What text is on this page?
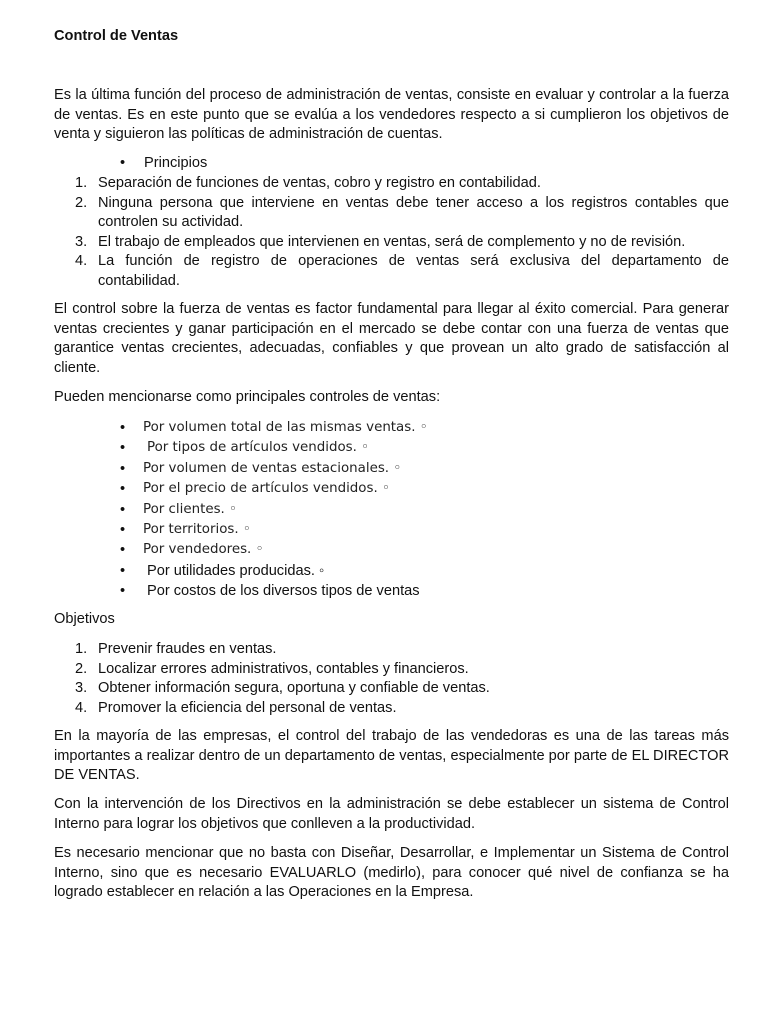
Control de Ventas

Es la última función del proceso de administración de ventas, consiste en evaluar y controlar a la fuerza de ventas. Es en este punto que se evalúa a los vendedores respecto a si cumplieron los objetivos de venta y siguieron las políticas de administración de cuentas.

• Principios
1. Separación de funciones de ventas, cobro y registro en contabilidad.
2. Ninguna persona que interviene en ventas debe tener acceso a los registros contables que controlen su actividad.
3. El trabajo de empleados que intervienen en ventas, será de complemento y no de revisión.
4. La función de registro de operaciones de ventas será exclusiva del departamento de contabilidad.

El control sobre la fuerza de ventas es factor fundamental para llegar al éxito comercial. Para generar ventas crecientes y ganar participación en el mercado se debe contar con una fuerza de ventas que garantice ventas crecientes, adecuadas, confiables y que provean un alto grado de satisfacción al cliente.

Pueden mencionarse como principales controles de ventas:

• Por volumen total de las mismas ventas. ◦
• Por tipos de artículos vendidos. ◦
• Por volumen de ventas estacionales. ◦
• Por el precio de artículos vendidos. ◦
• Por clientes. ◦
• Por territorios. ◦
• Por vendedores. ◦
• Por utilidades producidas. ◦
• Por costos de los diversos tipos de ventas

Objetivos

1. Prevenir fraudes en ventas.
2. Localizar errores administrativos, contables y financieros.
3. Obtener información segura, oportuna y confiable de ventas.
4. Promover la eficiencia del personal de ventas.

En la mayoría de las empresas, el control del trabajo de las vendedoras es una de las tareas más importantes a realizar dentro de un departamento de ventas, especialmente por parte de EL DIRECTOR DE VENTAS.

Con la intervención de los Directivos en la administración se debe establecer un sistema de Control Interno para lograr los objetivos que conlleven a la productividad.

Es necesario mencionar que no basta con Diseñar, Desarrollar, e Implementar un Sistema de Control Interno, sino que es necesario EVALUARLO (medirlo), para conocer qué nivel de confianza se ha logrado establecer en relación a las Operaciones en la Empresa.
